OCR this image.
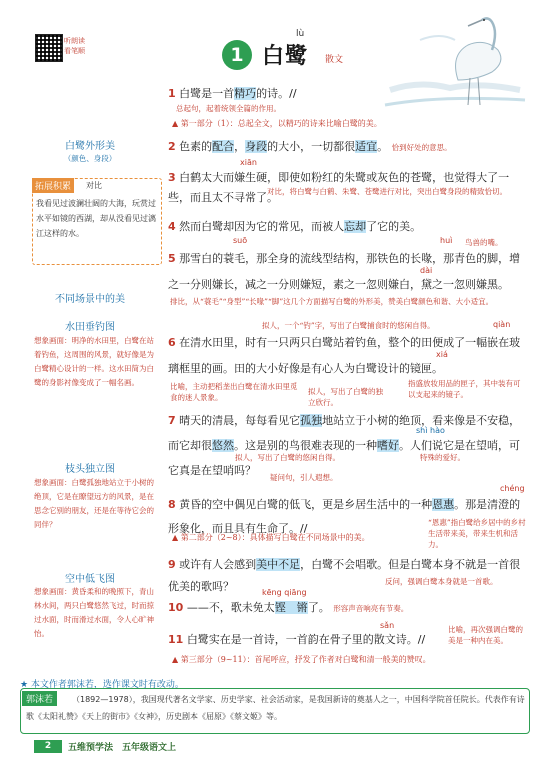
听朗读
看笔顺	1
lù
白鹭 散文
白鹭外形美
（颜色、身段）
拓展积累	对比
我看见过波澜壮阔的大海，玩赏过水平如镜的西湖，却从没看见过漓江这样的水。
不同场景中的美
水田垂钓图
想象画面：明净的水田里，白鹭在站着钓鱼，这周围的风景，就好像是为白鹭精心设计的一样。这水田简为白鹭的身影衬像变成了一幅名画。
枝头独立图
想象画面：白鹭孤独地站立于小树的绝顶，它是在瞭望远方的风景，是在思念它别的朋友，还是在等待它会的同伴？
空中低飞图
想象画面：黄昏柔和的晚照下，青山林水间，两只白鹭悠然飞过，时而掠过水面，时而滑过水面，令人心旷神怡。
1 白鹭是一首精巧的诗。//
总起句，起着统领全篇的作用。
▲ 第一部分（1）：总起全文，以精巧的诗来比喻白鹭的美。
2 色素的配合，身段的大小，一切都很适宜。 恰到好处的意思。
xiān
3 白鹤太大而嫌生硬，即使如粉红的朱鹭或灰色的苍鹭，也觉得大了一些，而且太不寻常了。
对比，将白鹭与白鹤、朱鹭、苍鹭进行对比，突出白鹭身段的精致恰切。
4 然而白鹭却因为它的常见，而被人忘却了它的美。
suō	huì 鸟兽的嘴。
5 那雪白的蓑毛，那全身的流线型结构，那铁色的长喙，那青色的脚，增之一分则嫌长，减之一分则嫌短，素之一忽则嫌白，黛之一忽则嫌黑。
dài
排比，从“蓑毛”“身型”“长喙”“脚”这几个方面描写白鹭的外形美，赞美白鹭颜色和谐、大小适宜。
拟人，一个“钓”字，写出了白鹭捕食时的悠闲自得。	qiàn
6 在清水田里，时有一只两只白鹭站着钓鱼，整个的田便成了一幅嵌在玻璃框里的画。田的大小好像是有心人为白鹭设计的镜匣。
xiá
比喻，主动把稻垄出白鹭在清水田里觅食的迷人景象。
拟人，写出了白鹭的独立欣行。
指盛放妆用品的匣子，其中装有可以支起来的镜子。
shì hào
7 晴天的清晨，每每看见它孤独地站立于小树的绝顶，看来像是不安稳，而它却很悠然。这是别的鸟很难表现的一种嗜好。人们说它是在望哨，可它真是在望哨吗？
拟人，写出了白鹭的悠闲自得。	特殊的爱好。
疑问句，引人遐想。
chéng
8 黄昏的空中偶见白鹭的低飞，更是乡居生活中的一种恩惠。那是清澄的形象化，而且具有生命了。//	“恩惠”指白鹭给乡居中的乡村生活带来美，带来生机和活力。
▲ 第二部分（2~8）：具体描写白鹭在不同场景中的美。
9 或许有人会感到美中不足，白鹭不会唱歌。但是白鹭本身不就是一首很优美的歌吗？	反问，强调白鹭本身就是一首歌。
kēng qiāng
10 ——不，歌未免太铿　锵了。 形容声音响亮有节奏。
sǎn
11 白鹭实在是一首诗，一首韵在骨子里的散文诗。//
比喻，再次强调白鹭的美是一种内在美。
▲ 第三部分（9~11）：首尾呼应，抒发了作者对白鹭和清一般美的赞叹。
★ 本文作者郭沫若，选作课文时有改动。
（1892—1978），我国现代著名文学家、历史学家、社会活动家，是我国新诗的奠基人之一，中国科学院首任院长。代表作有诗歌《太阳礼赞》《天上的街市》《女神》，历史剧本《屈原》《蔡文姬》等。
郭沫若
2	五维预学法　五年级语文上
